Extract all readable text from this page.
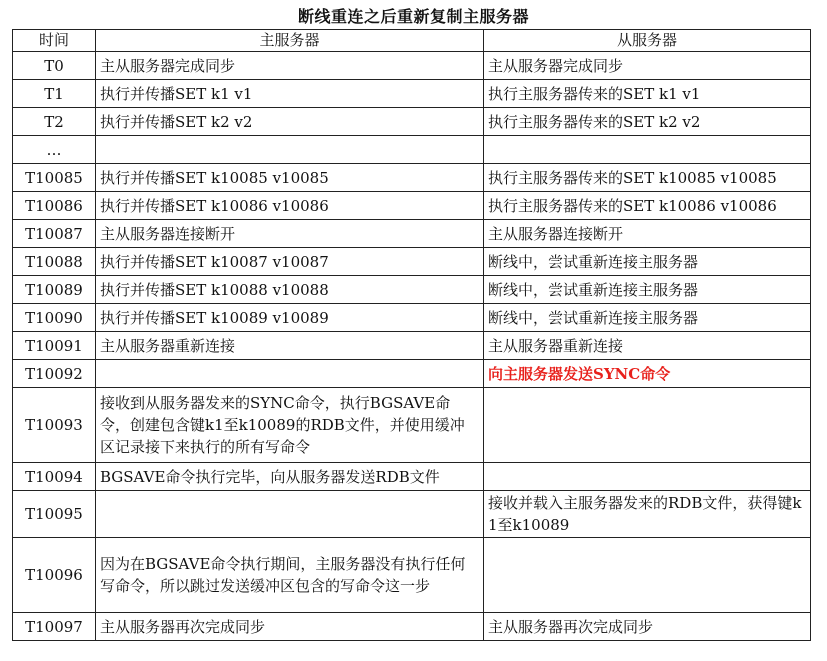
断线重连之后重新复制主服务器
时间	主服务器	从服务器
T0	主从服务器完成同步	主从服务器完成同步
T1	执行并传播SET k1 v1	执行主服务器传来的SET k1 v1
T2	执行并传播SET k2 v2	执行主服务器传来的SET k2 v2
…		
T10085	执行并传播SET k10085 v10085	执行主服务器传来的SET k10085 v10085
T10086	执行并传播SET k10086 v10086	执行主服务器传来的SET k10086 v10086
T10087	主从服务器连接断开	主从服务器连接断开
T10088	执行并传播SET k10087 v10087	断线中，尝试重新连接主服务器
T10089	执行并传播SET k10088 v10088	断线中，尝试重新连接主服务器
T10090	执行并传播SET k10089 v10089	断线中，尝试重新连接主服务器
T10091	主从服务器重新连接	主从服务器重新连接
T10092		向主服务器发送SYNC命令
T10093	接收到从服务器发来的SYNC命令，执行BGSAVE命令，创建包含键k1至k10089的RDB文件，并使用缓冲区记录接下来执行的所有写命令	
T10094	BGSAVE命令执行完毕，向从服务器发送RDB文件	
T10095		接收并载入主服务器发来的RDB文件，获得键k1至k10089
T10096	因为在BGSAVE命令执行期间，主服务器没有执行任何写命令，所以跳过发送缓冲区包含的写命令这一步	
T10097	主从服务器再次完成同步	主从服务器再次完成同步
